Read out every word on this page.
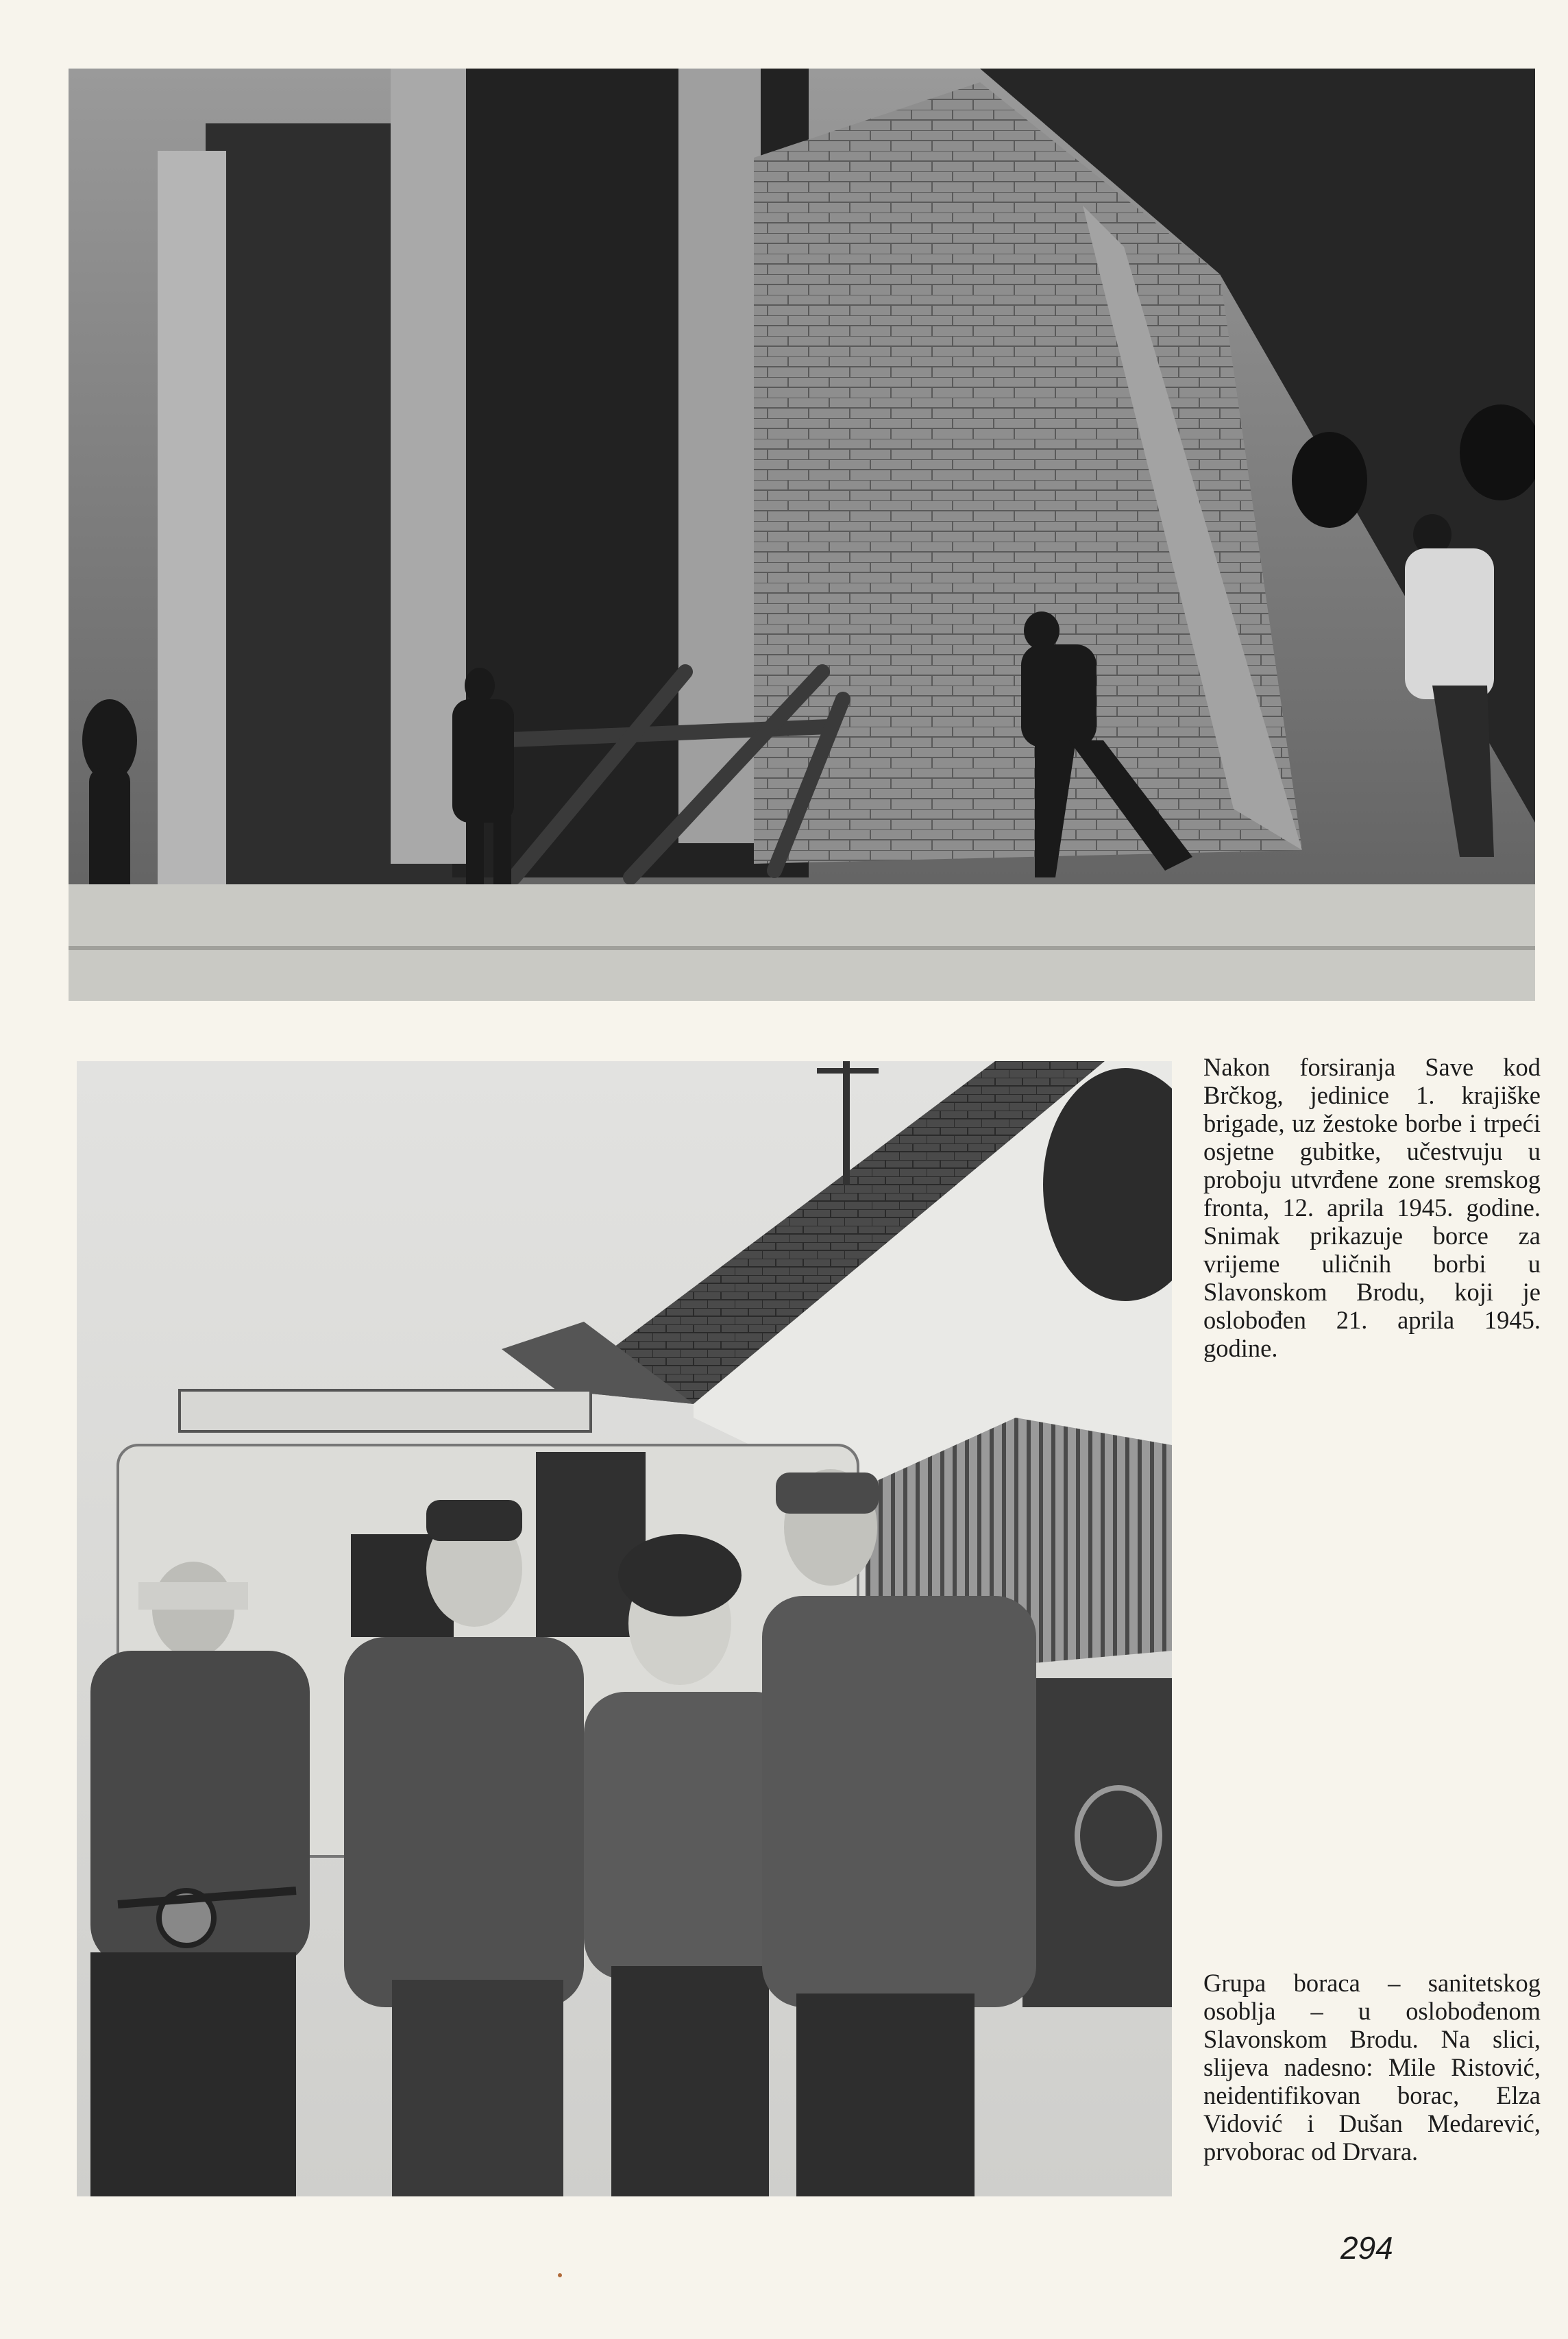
Nakon forsiranja Save kod Brčkog, jedinice 1. krajiške brigade, uz žestoke borbe i trpeći osjetne gubitke, učestvuju u proboju utvrđene zone sremskog fronta, 12. aprila 1945. godine. Snimak prikazuje borce za vrijeme uličnih borbi u Slavonskom Brodu, koji je oslobođen 21. aprila 1945. godine.

Grupa boraca – sanitetskog osoblja – u oslobođenom Slavonskom Brodu. Na slici, slijeva nadesno: Mile Ristović, neidentifikovan borac, Elza Vidović i Dušan Medarević, prvoborac od Drvara.

294
